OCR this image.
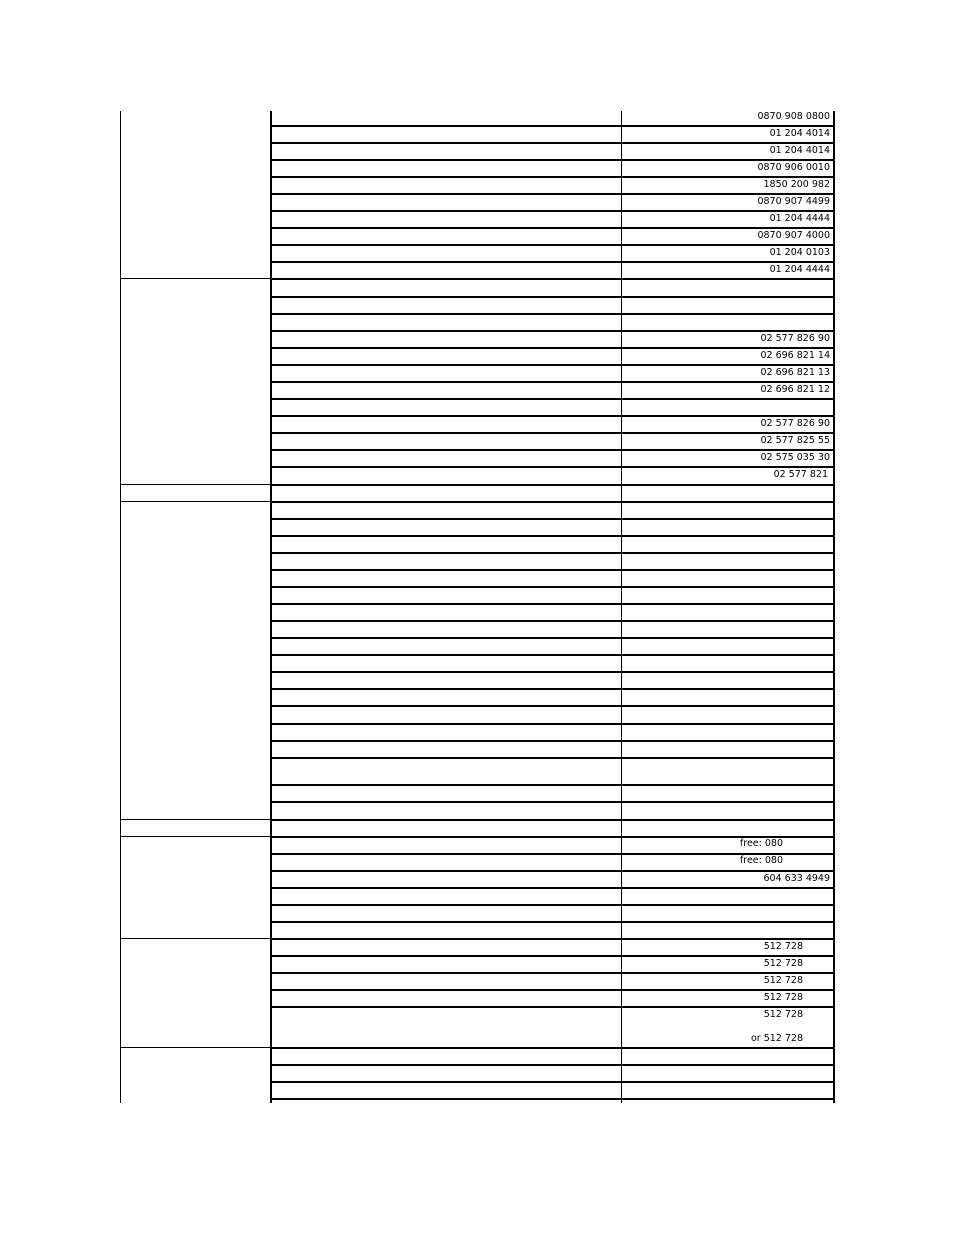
0870 908 0800
01 204 4014
01 204 4014
0870 906 0010
1850 200 982
0870 907 4499
01 204 4444
0870 907 4000
01 204 0103
01 204 4444
02 577 826 90
02 696 821 14
02 696 821 13
02 696 821 12
02 577 826 90
02 577 825 55
02 575 035 30
02 577 821
free: 080
free: 080
604 633 4949
512 728
512 728
512 728
512 728
512 728
or 512 728
